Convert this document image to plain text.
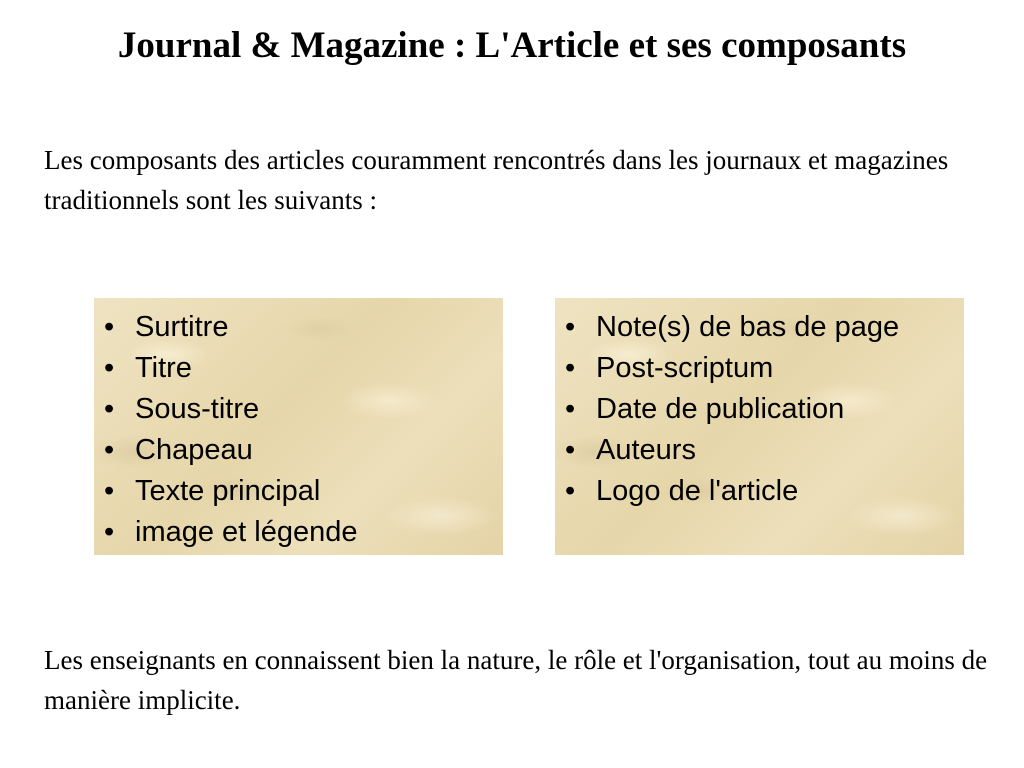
Journal & Magazine : L'Article et ses composants

Les composants des articles couramment rencontrés dans les journaux et magazines traditionnels sont les suivants :

• Surtitre
• Titre
• Sous-titre
• Chapeau
• Texte principal
• image et légende
• Note(s) de bas de page
• Post-scriptum
• Date de publication
• Auteurs
• Logo de l'article

Les enseignants en connaissent bien la nature, le rôle et l'organisation, tout au moins de manière implicite.
